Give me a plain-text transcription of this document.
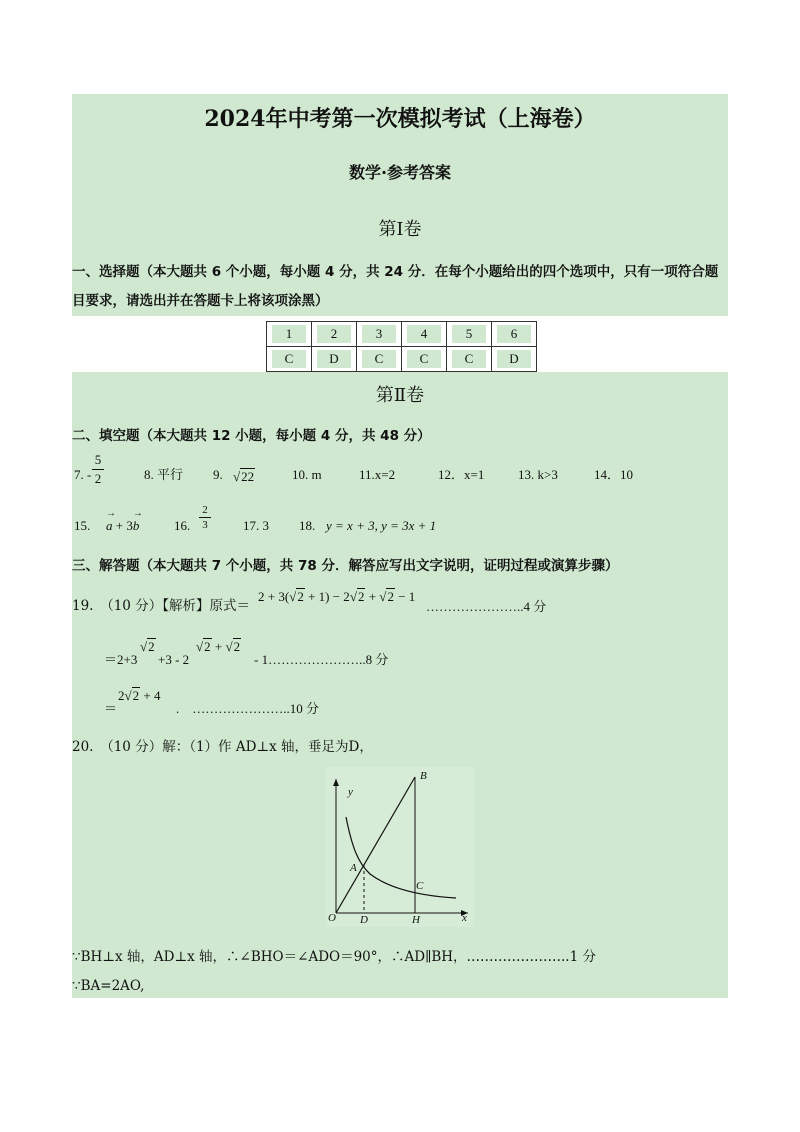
2024年中考第一次模拟考试（上海卷）
数学·参考答案
第Ⅰ卷
一、选择题（本大题共 6 个小题，每小题 4 分，共 24 分．在每个小题给出的四个选项中，只有一项符合题
目要求，请选出并在答题卡上将该项涂黑）
1	2	3	4	5	6
C	D	C	C	C	D
第Ⅱ卷
二、填空题（本大题共 12 小题，每小题 4 分，共 48 分）
7. -
5
2	8. 平行 9. √22	10. m	11.x=2	12．x=1	13. k>3	14．10
15.
→
a + 3
→
b	16.
2
3	17. 3 18. y = x + 3, y = 3x + 1
三、解答题（本大题共 7 个小题，共 78 分．解答应写出文字说明，证明过程或演算步骤）
19.　（10 分）【解析】原式＝
2 + 3(√2 + 1) − 2√2 + √2 − 1
…………………..4 分
＝2+3
√2
+3 - 2
√2 + √2
- 1…………………..8 分
＝
2√2 + 4
.　…………………..10 分
20.　（10 分）解：（1）作 AD⊥x 轴，垂足为D，
y
x
O
A
B
C
D	H
∵BH⊥x 轴，AD⊥x 轴，∴∠BHO＝∠ADO＝90°，∴AD∥BH，…………………..1 分
∵BA=2AO,
